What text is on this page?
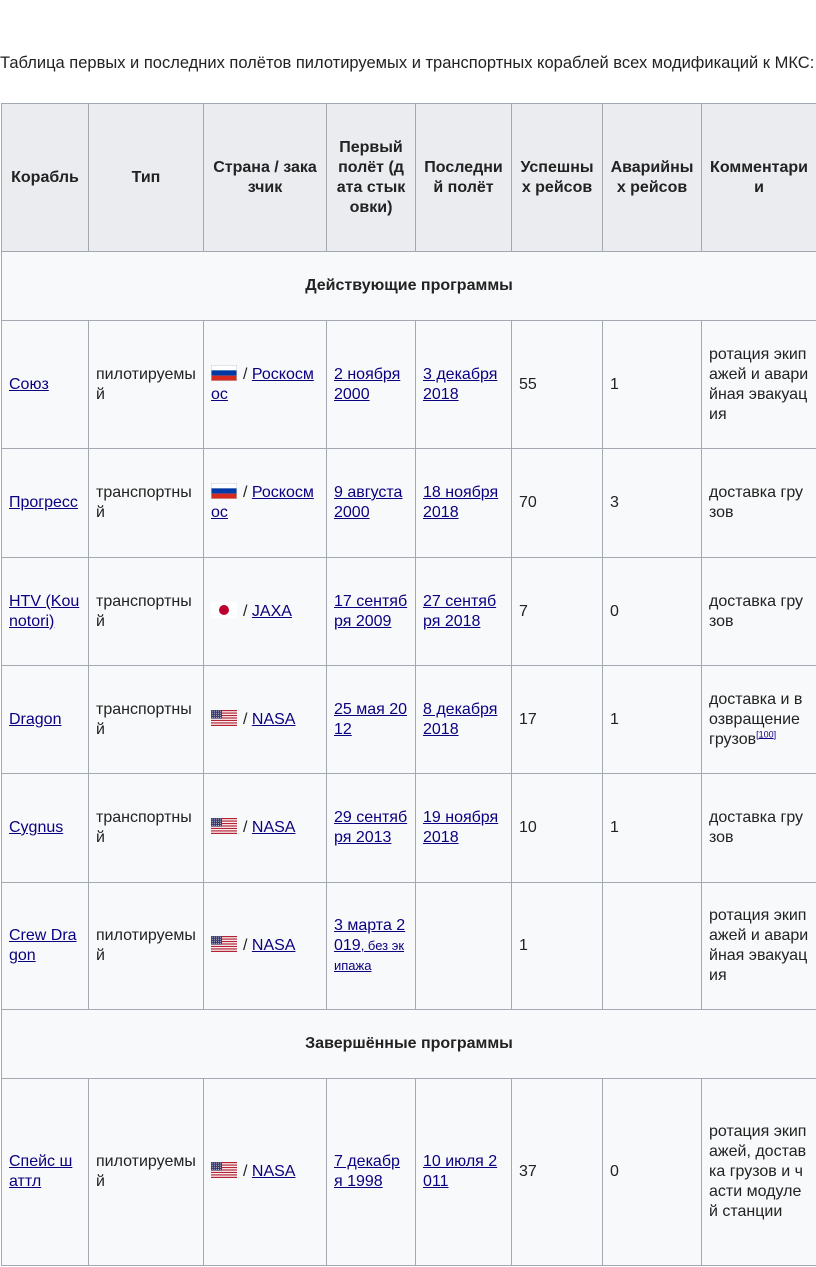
Таблица первых и последних полётов пилотируемых и транспортных кораблей всех модификаций к МКС:

Корабль	Тип	Страна / заказчик	Первый полёт (дата стыковки)	Последний полёт	Успешных рейсов	Аварийных рейсов	Комментарии
Действующие программы							
Союз	пилотируемый	/ Роскосмос	2 ноября 2000	3 декабря 2018	55	1	ротация экипажей и аварийная эвакуация
Прогресс	транспортный	/ Роскосмос	9 августа 2000	18 ноября 2018	70	3	доставка грузов
HTV (Kounotori)	транспортный	/ JAXA	17 сентября 2009	27 сентября 2018	7	0	доставка грузов
Dragon	транспортный	/ NASA	25 мая 2012	8 декабря 2018	17	1	доставка и возвращение грузов[100]
Cygnus	транспортный	/ NASA	29 сентября 2013	19 ноября 2018	10	1	доставка грузов
Crew Dragon	пилотируемый	/ NASA	3 марта 2019, без экипажа		1		ротация экипажей и аварийная эвакуация
Завершённые программы							
Спейс шаттл	пилотируемый	/ NASA	7 декабря 1998	10 июля 2011	37	0	ротация экипажей, доставка грузов и части модулей станции
